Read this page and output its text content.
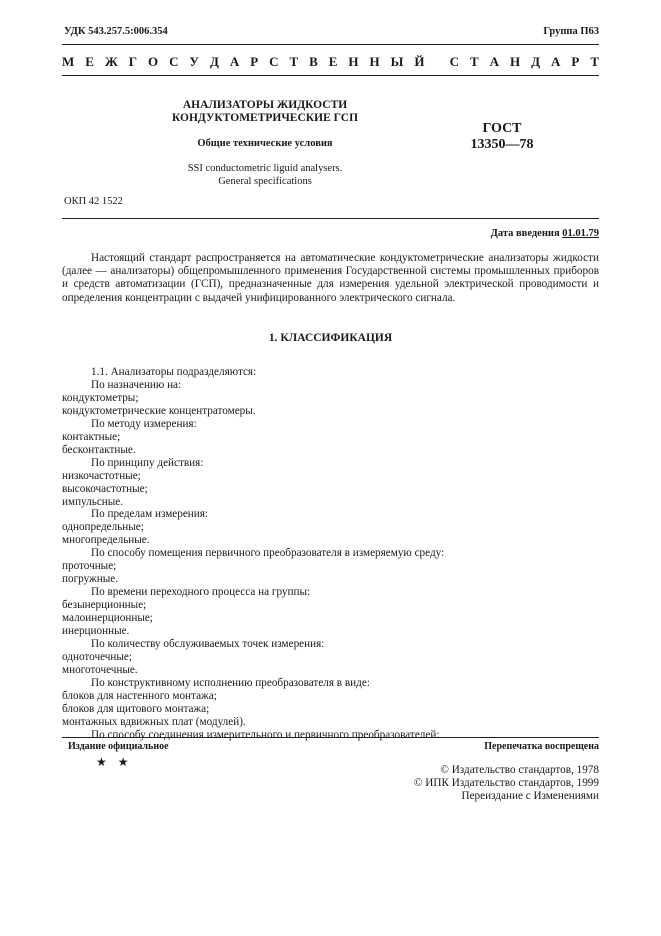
УДК 543.257.5:006.354	Группа П63
М Е Ж Г О С У Д А Р С Т В Е Н Н Ы Й
С Т А Н Д А Р Т
АНАЛИЗАТОРЫ ЖИДКОСТИ
КОНДУКТОМЕТРИЧЕСКИЕ ГСП
Общие технические условия
SSI conductometric liguid analysers.
General specifications
ГОСТ
13350—78
ОКП 42 1522
Дата введения 01.01.79

Настоящий стандарт распространяется на автоматические кондуктометрические анализаторы жидкости (далее — анализаторы) общепромышленного применения Государственной системы промышленных приборов и средств автоматизации (ГСП), предназначенные для измерения удельной электрической проводимости и определения концентрации с выдачей унифицированного электрического сигнала.

1. КЛАССИФИКАЦИЯ
1.1. Анализаторы подразделяются:
По назначению на:
кондуктометры;
кондуктометрические концентратомеры.
По методу измерения:
контактные;
бесконтактные.
По принципу действия:
низкочастотные;
высокочастотные;
импульсные.
По пределам измерения:
однопредельные;
многопредельные.
По способу помещения первичного преобразователя в измеряемую среду:
проточные;
погружные.
По времени переходного процесса на группы:
безынерционные;
малоинерционные;
инерционные.
По количеству обслуживаемых точек измерения:
одноточечные;
многоточечные.
По конструктивному исполнению преобразователя в виде:
блоков для настенного монтажа;
блоков для щитового монтажа;
монтажных вдвижных плат (модулей).
По способу соединения измерительного и первичного преобразователей:
Издание официальное	Перепечатка воспрещена
★ ★
© Издательство стандартов, 1978
© ИПК Издательство стандартов, 1999
Переиздание с Изменениями
